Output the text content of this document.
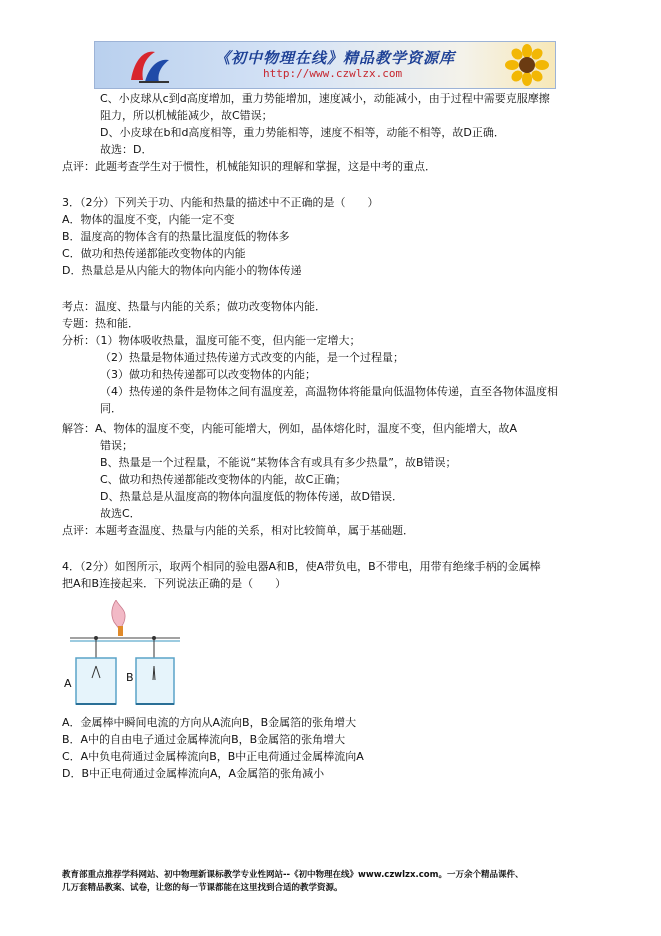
《初中物理在线》精品教学资源库
http://www.czwlzx.com
C、小皮球从c到d高度增加，重力势能增加，速度减小，动能减小，由于过程中需要克服摩擦
阻力，所以机械能减少，故C错误；
D、小皮球在b和d高度相等，重力势能相等，速度不相等，动能不相等，故D正确．
故选：D．
点评：此题考查学生对于惯性，机械能知识的理解和掌握，这是中考的重点．
3．（2分）下列关于功、内能和热量的描述中不正确的是（　　）
A．物体的温度不变，内能一定不变
B．温度高的物体含有的热量比温度低的物体多
C．做功和热传递都能改变物体的内能
D．热量总是从内能大的物体向内能小的物体传递
考点：温度、热量与内能的关系；做功改变物体内能．
专题：热和能．
分析：（1）物体吸收热量，温度可能不变，但内能一定增大；
（2）热量是物体通过热传递方式改变的内能，是一个过程量；
（3）做功和热传递都可以改变物体的内能；
（4）热传递的条件是物体之间有温度差，高温物体将能量向低温物体传递，直至各物体温度相
同．
解答：A、物体的温度不变，内能可能增大，例如，晶体熔化时，温度不变，但内能增大，故A
错误；
B、热量是一个过程量，不能说“某物体含有或具有多少热量”，故B错误；
C、做功和热传递都能改变物体的内能，故C正确；
D、热量总是从温度高的物体向温度低的物体传递，故D错误．
故选C．
点评：本题考查温度、热量与内能的关系，相对比较简单，属于基础题．
4．（2分）如图所示，取两个相同的验电器A和B，使A带负电，B不带电，用带有绝缘手柄的金属棒
把A和B连接起来．下列说法正确的是（　　）
A	B
A．金属棒中瞬间电流的方向从A流向B，B金属箔的张角增大
B．A中的自由电子通过金属棒流向B，B金属箔的张角增大
C．A中负电荷通过金属棒流向B，B中正电荷通过金属棒流向A
D．B中正电荷通过金属棒流向A，A金属箔的张角减小
教育部重点推荐学科网站、初中物理新课标教学专业性网站--《初中物理在线》www.czwlzx.com。一万余个精品课件、
几万套精品教案、试卷，让您的每一节课都能在这里找到合适的教学资源。
